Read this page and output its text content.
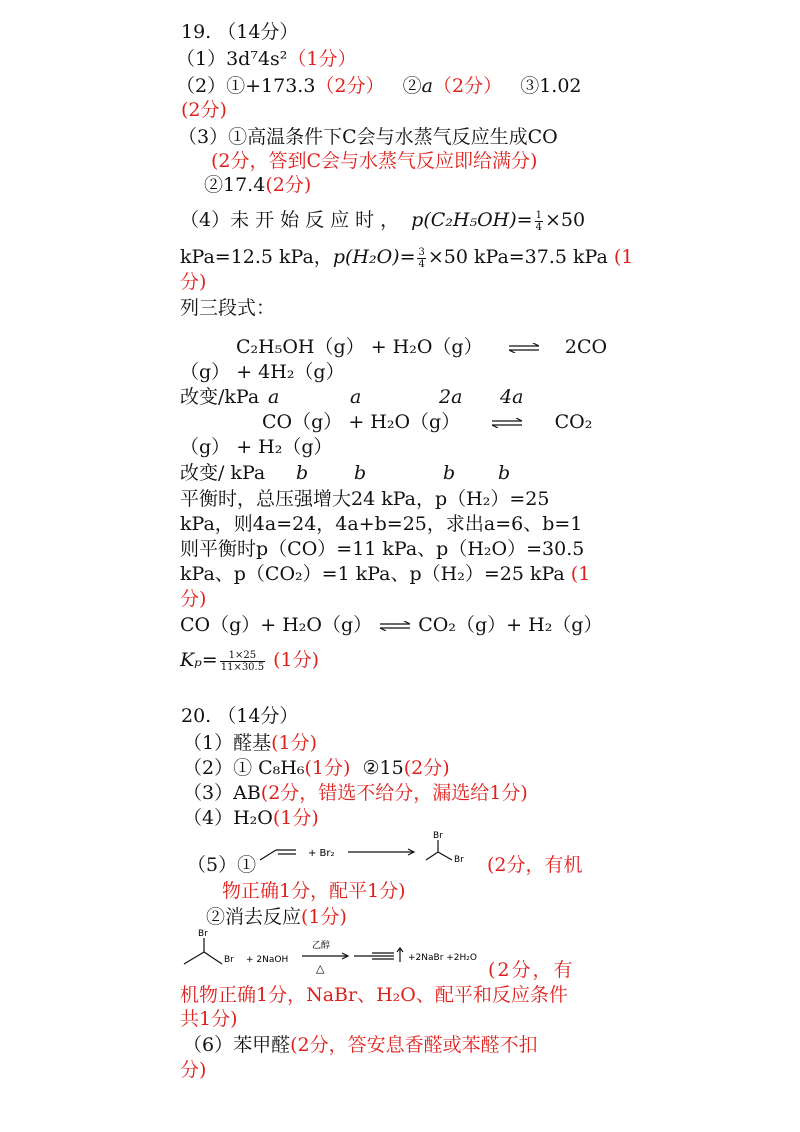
19. （14分）
（1）3d⁷4s²（1分）
（2）①+173.3（2分） ②a（2分） ③1.02
(2分)
（3）①高温条件下C会与水蒸气反应生成CO
(2分，答到C会与水蒸气反应即给满分)
②17.4(2分)
（4）未开始反应时， $p(C_2H_5OH)= \frac{1}{4} \times 50$
kPa=12.5 kPa，$p(H_2O)= \frac{3}{4} \times 50$ kPa=37.5 kPa (1
分)
列三段式：
C₂H₅OH（g） + H₂O（g） ⇌ 2CO
（g） + 4H₂（g）
改变/kPa a	a	2a 4a
CO（g） + H₂O（g）	CO₂
（g） + H₂（g）
改变/ kPa b b	b b
平衡时，总压强增大24 kPa，p（H₂）=25
kPa，则4a=24，4a+b=25，求出a=6、b=1
则平衡时p（CO）=11 kPa、p（H₂O）=30.5
kPa、p（CO₂）=1 kPa、p（H₂）=25 kPa (1
分)
CO（g）+ H₂O（g） ⇌ CO₂（g）+ H₂（g）
$K_p= \frac{1\times 25}{11\times 30.5} (1$分)
20. （14分）
（1）醛基(1分)
（2）① C₈H₆(1分) ②15(2分)
（3）AB(2分，错选不给分，漏选给1分)
（4）H₂O(1分)
（5）①
+ Br₂
Br
Br (2分，有机
物正确1分，配平1分)
②消去反应(1分)
Br
Br + 2NaOH
乙醇
△
+2NaBr +2H₂O
(2分，有
机物正确1分，NaBr、H₂O、配平和反应条件
共1分)
（6）苯甲醛(2分，答安息香醛或苯醛不扣
分)
